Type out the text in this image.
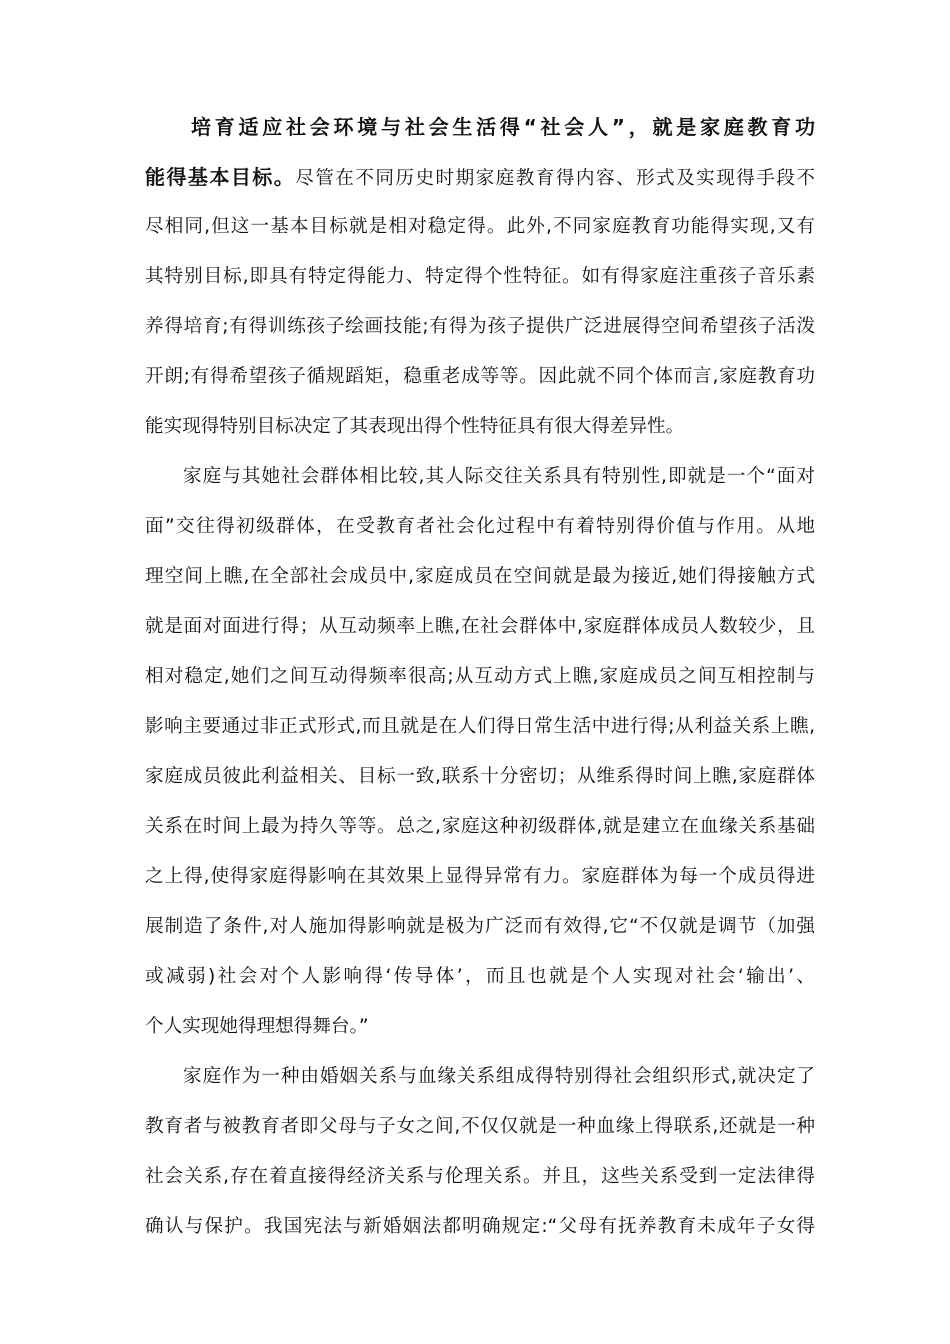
培育适应社会环境与社会生活得“社会人”，就是家庭教育功
能得基本目标。尽管在不同历史时期家庭教育得内容、形式及实现得手段不
尽相同,但这一基本目标就是相对稳定得。此外,不同家庭教育功能得实现,又有
其特别目标,即具有特定得能力、特定得个性特征。如有得家庭注重孩子音乐素
养得培育;有得训练孩子绘画技能;有得为孩子提供广泛进展得空间希望孩子活泼
开朗;有得希望孩子循规蹈矩，稳重老成等等。因此就不同个体而言,家庭教育功
能实现得特别目标决定了其表现出得个性特征具有很大得差异性。
家庭与其她社会群体相比较,其人际交往关系具有特别性,即就是一个“面对
面”交往得初级群体，在受教育者社会化过程中有着特别得价值与作用。从地
理空间上瞧,在全部社会成员中,家庭成员在空间就是最为接近,她们得接触方式
就是面对面进行得；从互动频率上瞧,在社会群体中,家庭群体成员人数较少，且
相对稳定,她们之间互动得频率很高;从互动方式上瞧,家庭成员之间互相控制与
影响主要通过非正式形式,而且就是在人们得日常生活中进行得;从利益关系上瞧,
家庭成员彼此利益相关、目标一致,联系十分密切；从维系得时间上瞧,家庭群体
关系在时间上最为持久等等。总之,家庭这种初级群体,就是建立在血缘关系基础
之上得,使得家庭得影响在其效果上显得异常有力。家庭群体为每一个成员得进
展制造了条件,对人施加得影响就是极为广泛而有效得,它“不仅就是调节（加强
或减弱)社会对个人影响得‘传导体’，而且也就是个人实现对社会‘输出’、
个人实现她得理想得舞台。”
家庭作为一种由婚姻关系与血缘关系组成得特别得社会组织形式,就决定了
教育者与被教育者即父母与子女之间,不仅仅就是一种血缘上得联系,还就是一种
社会关系,存在着直接得经济关系与伦理关系。并且，这些关系受到一定法律得
确认与保护。我国宪法与新婚姻法都明确规定:“父母有抚养教育未成年子女得
